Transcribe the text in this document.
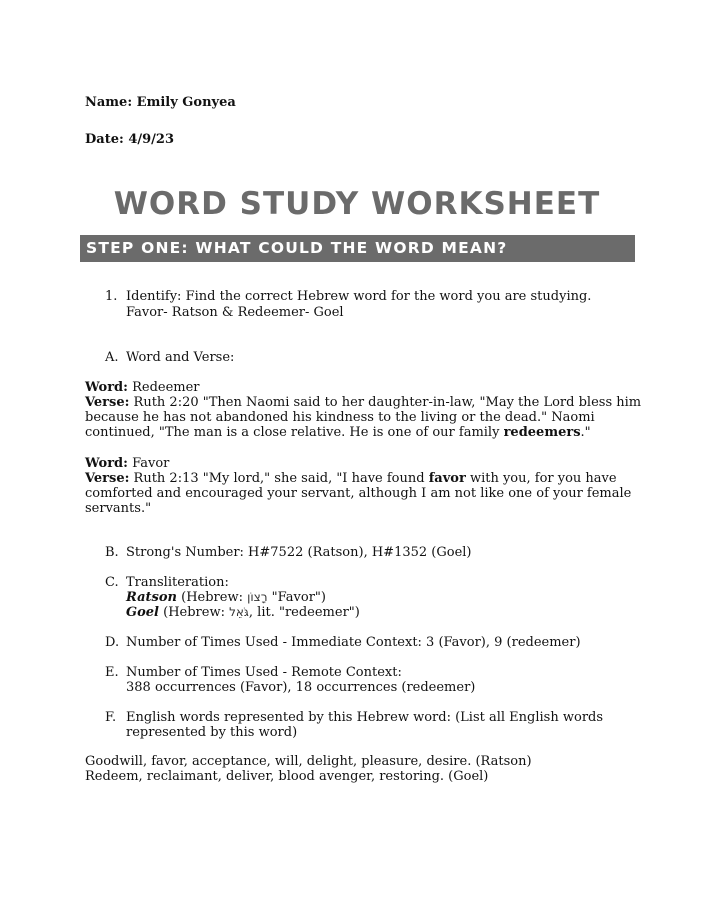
Name: Emily Gonyea
Date: 4/9/23
WORD STUDY WORKSHEET
STEP ONE: WHAT COULD THE WORD MEAN?
1. Identify: Find the correct Hebrew word for the word you are studying.
Favor- Ratson & Redeemer- Goel
A. Word and Verse:
Word: Redeemer
Verse: Ruth 2:20 "Then Naomi said to her daughter-in-law, "May the Lord bless him because he has not abandoned his kindness to the living or the dead." Naomi continued, "The man is a close relative. He is one of our family redeemers."
Word: Favor
Verse: Ruth 2:13 "My lord," she said, "I have found favor with you, for you have comforted and encouraged your servant, although I am not like one of your female servants."
B. Strong's Number: H#7522 (Ratson), H#1352 (Goel)
C. Transliteration:
Ratson (Hebrew: רָצוֹן "Favor")
Goel (Hebrew: גֹּאֵל, lit. "redeemer")
D. Number of Times Used - Immediate Context: 3 (Favor), 9 (redeemer)
E. Number of Times Used - Remote Context:
388 occurrences (Favor), 18 occurrences (redeemer)
F. English words represented by this Hebrew word: (List all English words
represented by this word)
Goodwill, favor, acceptance, will, delight, pleasure, desire. (Ratson)
Redeem, reclaimant, deliver, blood avenger, restoring. (Goel)
